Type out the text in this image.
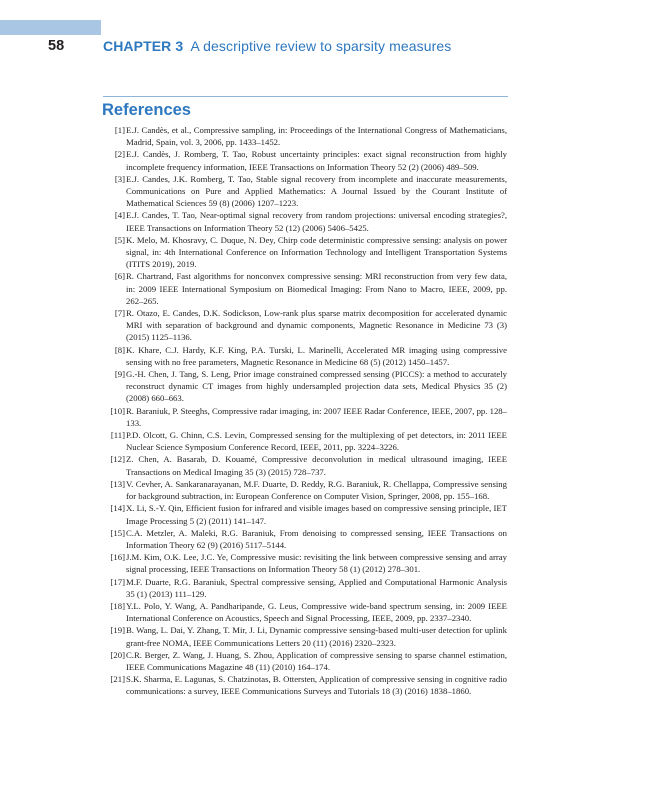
58	CHAPTER 3 A descriptive review to sparsity measures
References
[1] E.J. Candès, et al., Compressive sampling, in: Proceedings of the International Congress of Mathematicians, Madrid, Spain, vol. 3, 2006, pp. 1433–1452.
[2] E.J. Candès, J. Romberg, T. Tao, Robust uncertainty principles: exact signal reconstruction from highly incomplete frequency information, IEEE Transactions on Information Theory 52 (2) (2006) 489–509.
[3] E.J. Candes, J.K. Romberg, T. Tao, Stable signal recovery from incomplete and inaccurate measurements, Communications on Pure and Applied Mathematics: A Journal Issued by the Courant Institute of Mathematical Sciences 59 (8) (2006) 1207–1223.
[4] E.J. Candes, T. Tao, Near-optimal signal recovery from random projections: universal encoding strategies?, IEEE Transactions on Information Theory 52 (12) (2006) 5406–5425.
[5] K. Melo, M. Khosravy, C. Duque, N. Dey, Chirp code deterministic compressive sensing: analysis on power signal, in: 4th International Conference on Information Technology and Intelligent Transportation Systems (ITITS 2019), 2019.
[6] R. Chartrand, Fast algorithms for nonconvex compressive sensing: MRI reconstruction from very few data, in: 2009 IEEE International Symposium on Biomedical Imaging: From Nano to Macro, IEEE, 2009, pp. 262–265.
[7] R. Otazo, E. Candes, D.K. Sodickson, Low-rank plus sparse matrix decomposition for accelerated dynamic MRI with separation of background and dynamic components, Magnetic Resonance in Medicine 73 (3) (2015) 1125–1136.
[8] K. Khare, C.J. Hardy, K.F. King, P.A. Turski, L. Marinelli, Accelerated MR imaging using compressive sensing with no free parameters, Magnetic Resonance in Medicine 68 (5) (2012) 1450–1457.
[9] G.-H. Chen, J. Tang, S. Leng, Prior image constrained compressed sensing (PICCS): a method to accurately reconstruct dynamic CT images from highly undersampled projection data sets, Medical Physics 35 (2) (2008) 660–663.
[10] R. Baraniuk, P. Steeghs, Compressive radar imaging, in: 2007 IEEE Radar Conference, IEEE, 2007, pp. 128–133.
[11] P.D. Olcott, G. Chinn, C.S. Levin, Compressed sensing for the multiplexing of pet detectors, in: 2011 IEEE Nuclear Science Symposium Conference Record, IEEE, 2011, pp. 3224–3226.
[12] Z. Chen, A. Basarab, D. Kouamé, Compressive deconvolution in medical ultrasound imaging, IEEE Transactions on Medical Imaging 35 (3) (2015) 728–737.
[13] V. Cevher, A. Sankaranarayanan, M.F. Duarte, D. Reddy, R.G. Baraniuk, R. Chellappa, Compressive sensing for background subtraction, in: European Conference on Computer Vision, Springer, 2008, pp. 155–168.
[14] X. Li, S.-Y. Qin, Efficient fusion for infrared and visible images based on compressive sensing principle, IET Image Processing 5 (2) (2011) 141–147.
[15] C.A. Metzler, A. Maleki, R.G. Baraniuk, From denoising to compressed sensing, IEEE Transactions on Information Theory 62 (9) (2016) 5117–5144.
[16] J.M. Kim, O.K. Lee, J.C. Ye, Compressive music: revisiting the link between compressive sensing and array signal processing, IEEE Transactions on Information Theory 58 (1) (2012) 278–301.
[17] M.F. Duarte, R.G. Baraniuk, Spectral compressive sensing, Applied and Computational Harmonic Analysis 35 (1) (2013) 111–129.
[18] Y.L. Polo, Y. Wang, A. Pandharipande, G. Leus, Compressive wide-band spectrum sensing, in: 2009 IEEE International Conference on Acoustics, Speech and Signal Processing, IEEE, 2009, pp. 2337–2340.
[19] B. Wang, L. Dai, Y. Zhang, T. Mir, J. Li, Dynamic compressive sensing-based multi-user detection for uplink grant-free NOMA, IEEE Communications Letters 20 (11) (2016) 2320–2323.
[20] C.R. Berger, Z. Wang, J. Huang, S. Zhou, Application of compressive sensing to sparse channel estimation, IEEE Communications Magazine 48 (11) (2010) 164–174.
[21] S.K. Sharma, E. Lagunas, S. Chatzinotas, B. Ottersten, Application of compressive sensing in cognitive radio communications: a survey, IEEE Communications Surveys and Tutorials 18 (3) (2016) 1838–1860.
